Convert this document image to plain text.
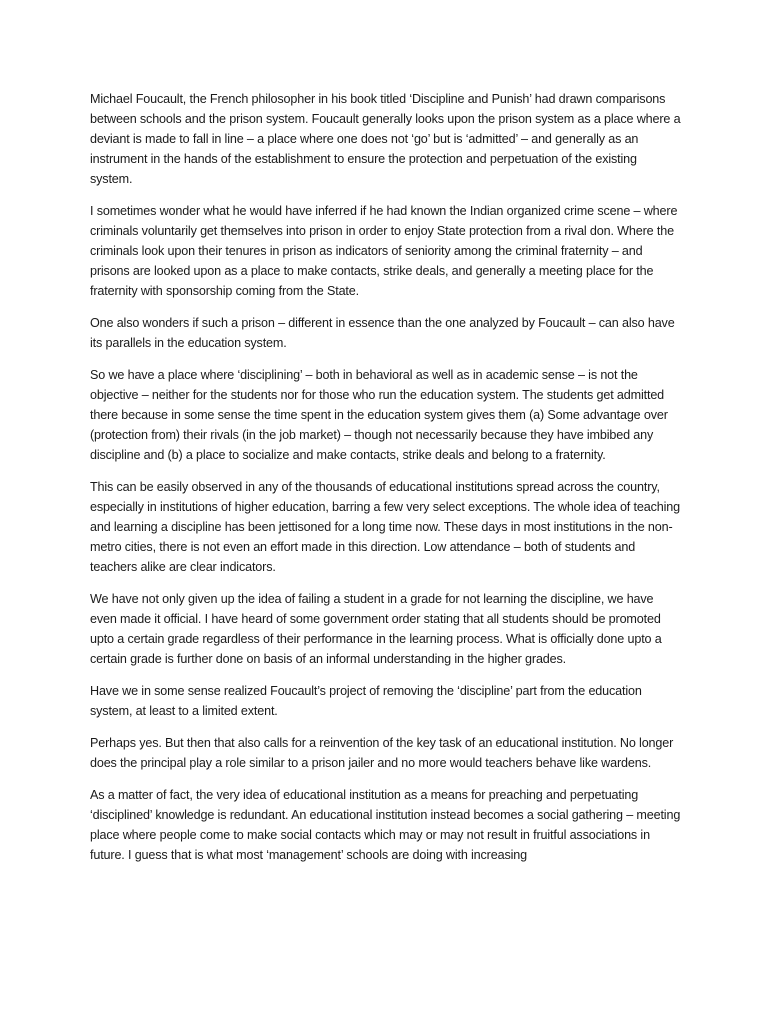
Michael Foucault, the French philosopher in his book titled ‘Discipline and Punish’ had drawn comparisons between schools and the prison system. Foucault generally looks upon the prison system as a place where a deviant is made to fall in line – a place where one does not ‘go’ but is ‘admitted’ – and generally as an instrument in the hands of the establishment to ensure the protection and perpetuation of the existing system.

I sometimes wonder what he would have inferred if he had known the Indian organized crime scene – where criminals voluntarily get themselves into prison in order to enjoy State protection from a rival don. Where the criminals look upon their tenures in prison as indicators of seniority among the criminal fraternity – and prisons are looked upon as a place to make contacts, strike deals, and generally a meeting place for the fraternity with sponsorship coming from the State.

One also wonders if such a prison – different in essence than the one analyzed by Foucault – can also have its parallels in the education system.

So we have a place where ‘disciplining’ – both in behavioral as well as in academic sense – is not the objective – neither for the students nor for those who run the education system. The students get admitted there because in some sense the time spent in the education system gives them (a) Some advantage over (protection from) their rivals (in the job market) – though not necessarily because they have imbibed any discipline and (b) a place to socialize and make contacts, strike deals and belong to a fraternity.

This can be easily observed in any of the thousands of educational institutions spread across the country, especially in institutions of higher education, barring a few very select exceptions. The whole idea of teaching and learning a discipline has been jettisoned for a long time now. These days in most institutions in the non-metro cities, there is not even an effort made in this direction. Low attendance – both of students and teachers alike are clear indicators.

We have not only given up the idea of failing a student in a grade for not learning the discipline, we have even made it official. I have heard of some government order stating that all students should be promoted upto a certain grade regardless of their performance in the learning process. What is officially done upto a certain grade is further done on basis of an informal understanding in the higher grades.

Have we in some sense realized Foucault’s project of removing the ‘discipline’ part from the education system, at least to a limited extent.

Perhaps yes. But then that also calls for a reinvention of the key task of an educational institution. No longer does the principal play a role similar to a prison jailer and no more would teachers behave like wardens.

As a matter of fact, the very idea of educational institution as a means for preaching and perpetuating ‘disciplined’ knowledge is redundant. An educational institution instead becomes a social gathering – meeting place where people come to make social contacts which may or may not result in fruitful associations in future. I guess that is what most ‘management’ schools are doing with increasing
